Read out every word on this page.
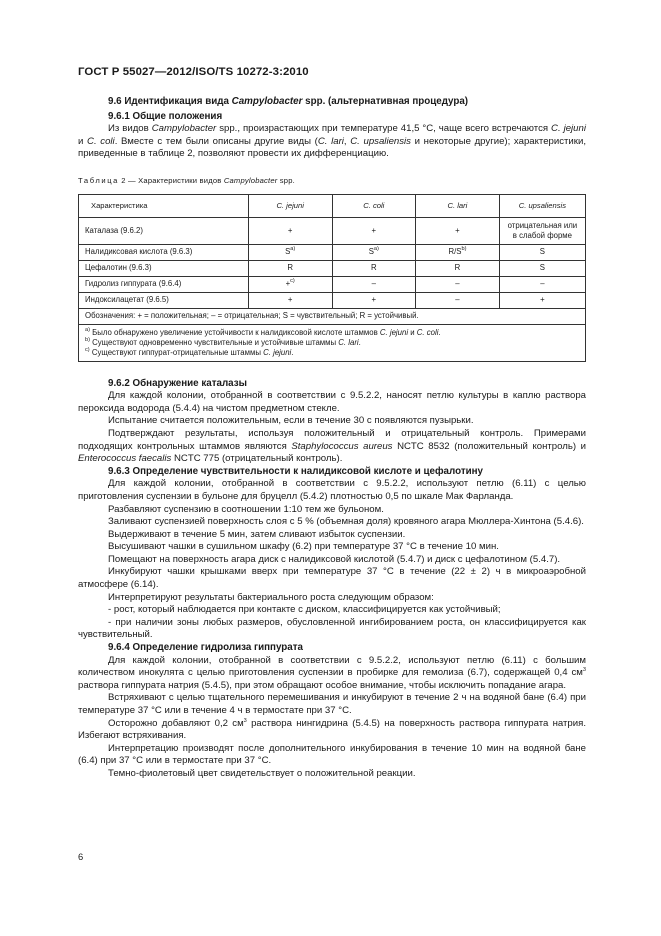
ГОСТ Р 55027—2012/ISO/TS 10272-3:2010
9.6 Идентификация вида Campylobacter spp. (альтернативная процедура)
9.6.1 Общие положения

Из видов Campylobacter spp., произрастающих при температуре 41,5 °С, чаще всего встречаются C. jejuni и C. coli. Вместе с тем были описаны другие виды (C. lari, C. upsaliensis и некоторые другие); характеристики, приведенные в таблице 2, позволяют провести их дифференциацию.

Таблица 2 — Характеристики видов Campylobacter spp.
Характеристика	C. jejuni	C. coli	C. lari	C. upsaliensis
Каталаза (9.6.2)	+	+	+	отрицательная или
в слабой форме
Налидиксовая кислота (9.6.3)	$S^{a)}$	$S^{a)}$	$R/S^{b)}$	S
Цефалотин (9.6.3)	R	R	R	S
Гидролиз гиппурата (9.6.4)	+$^{c)}$	–	–	–
Индоксилацетат (9.6.5)	+	+	–	+
Обозначения: + = положительная; – = отрицательная; S = чувствительный; R = устойчивый.				

$^{a)}$ Было обнаружено увеличение устойчивости к налидиксовой кислоте штаммов C. jejuni и C. coli.
$^{b)}$ Существуют одновременно чувствительные и устойчивые штаммы C. lari.
$^{c)}$ Существуют гиппурат-отрицательные штаммы C. jejuni.				
9.6.2 Обнаружение каталазы

Для каждой колонии, отобранной в соответствии с 9.5.2.2, наносят петлю культуры в каплю раствора пероксида водорода (5.4.4) на чистом предметном стекле.

Испытание считается положительным, если в течение 30 с появляются пузырьки.

Подтверждают результаты, используя положительный и отрицательный контроль. Примерами подходящих контрольных штаммов являются Staphylococcus aureus NCTC 8532 (положительный контроль) и Enterococcus faecalis NCTC 775 (отрицательный контроль).

9.6.3 Определение чувствительности к налидиксовой кислоте и цефалотину

Для каждой колонии, отобранной в соответствии с 9.5.2.2, используют петлю (6.11) с целью приготовления суспензии в бульоне для бруцелл (5.4.2) плотностью 0,5 по шкале Мак Фарланда.

Разбавляют суспензию в соотношении 1:10 тем же бульоном.

Заливают суспензией поверхность слоя с 5 % (объемная доля) кровяного агара Мюллера-Хинтона (5.4.6).

Выдерживают в течение 5 мин, затем сливают избыток суспензии.

Высушивают чашки в сушильном шкафу (6.2) при температуре 37 °С в течение 10 мин.

Помещают на поверхность агара диск с налидиксовой кислотой (5.4.7) и диск с цефалотином (5.4.7).

Инкубируют чашки крышками вверх при температуре 37 °С в течение (22 ± 2) ч в микроаэробной атмосфере (6.14).

Интерпретируют результаты бактериального роста следующим образом:

- рост, который наблюдается при контакте с диском, классифицируется как устойчивый;

- при наличии зоны любых размеров, обусловленной ингибированием роста, он классифицируется как чувствительный.

9.6.4 Определение гидролиза гиппурата

Для каждой колонии, отобранной в соответствии с 9.5.2.2, используют петлю (6.11) с большим количеством инокулята с целью приготовления суспензии в пробирке для гемолиза (6.7), содержащей 0,4 $см^3$ раствора гиппурата натрия (5.4.5), при этом обращают особое внимание, чтобы исключить попадание агара.

Встряхивают с целью тщательного перемешивания и инкубируют в течение 2 ч на водяной бане (6.4) при температуре 37 °С или в течение 4 ч в термостате при 37 °С.

Осторожно добавляют 0,2 $см^3$ раствора нингидрина (5.4.5) на поверхность раствора гиппурата натрия. Избегают встряхивания.

Интерпретацию производят после дополнительного инкубирования в течение 10 мин на водяной бане (6.4) при 37 °С или в термостате при 37 °С.

Темно-фиолетовый цвет свидетельствует о положительной реакции.

6
